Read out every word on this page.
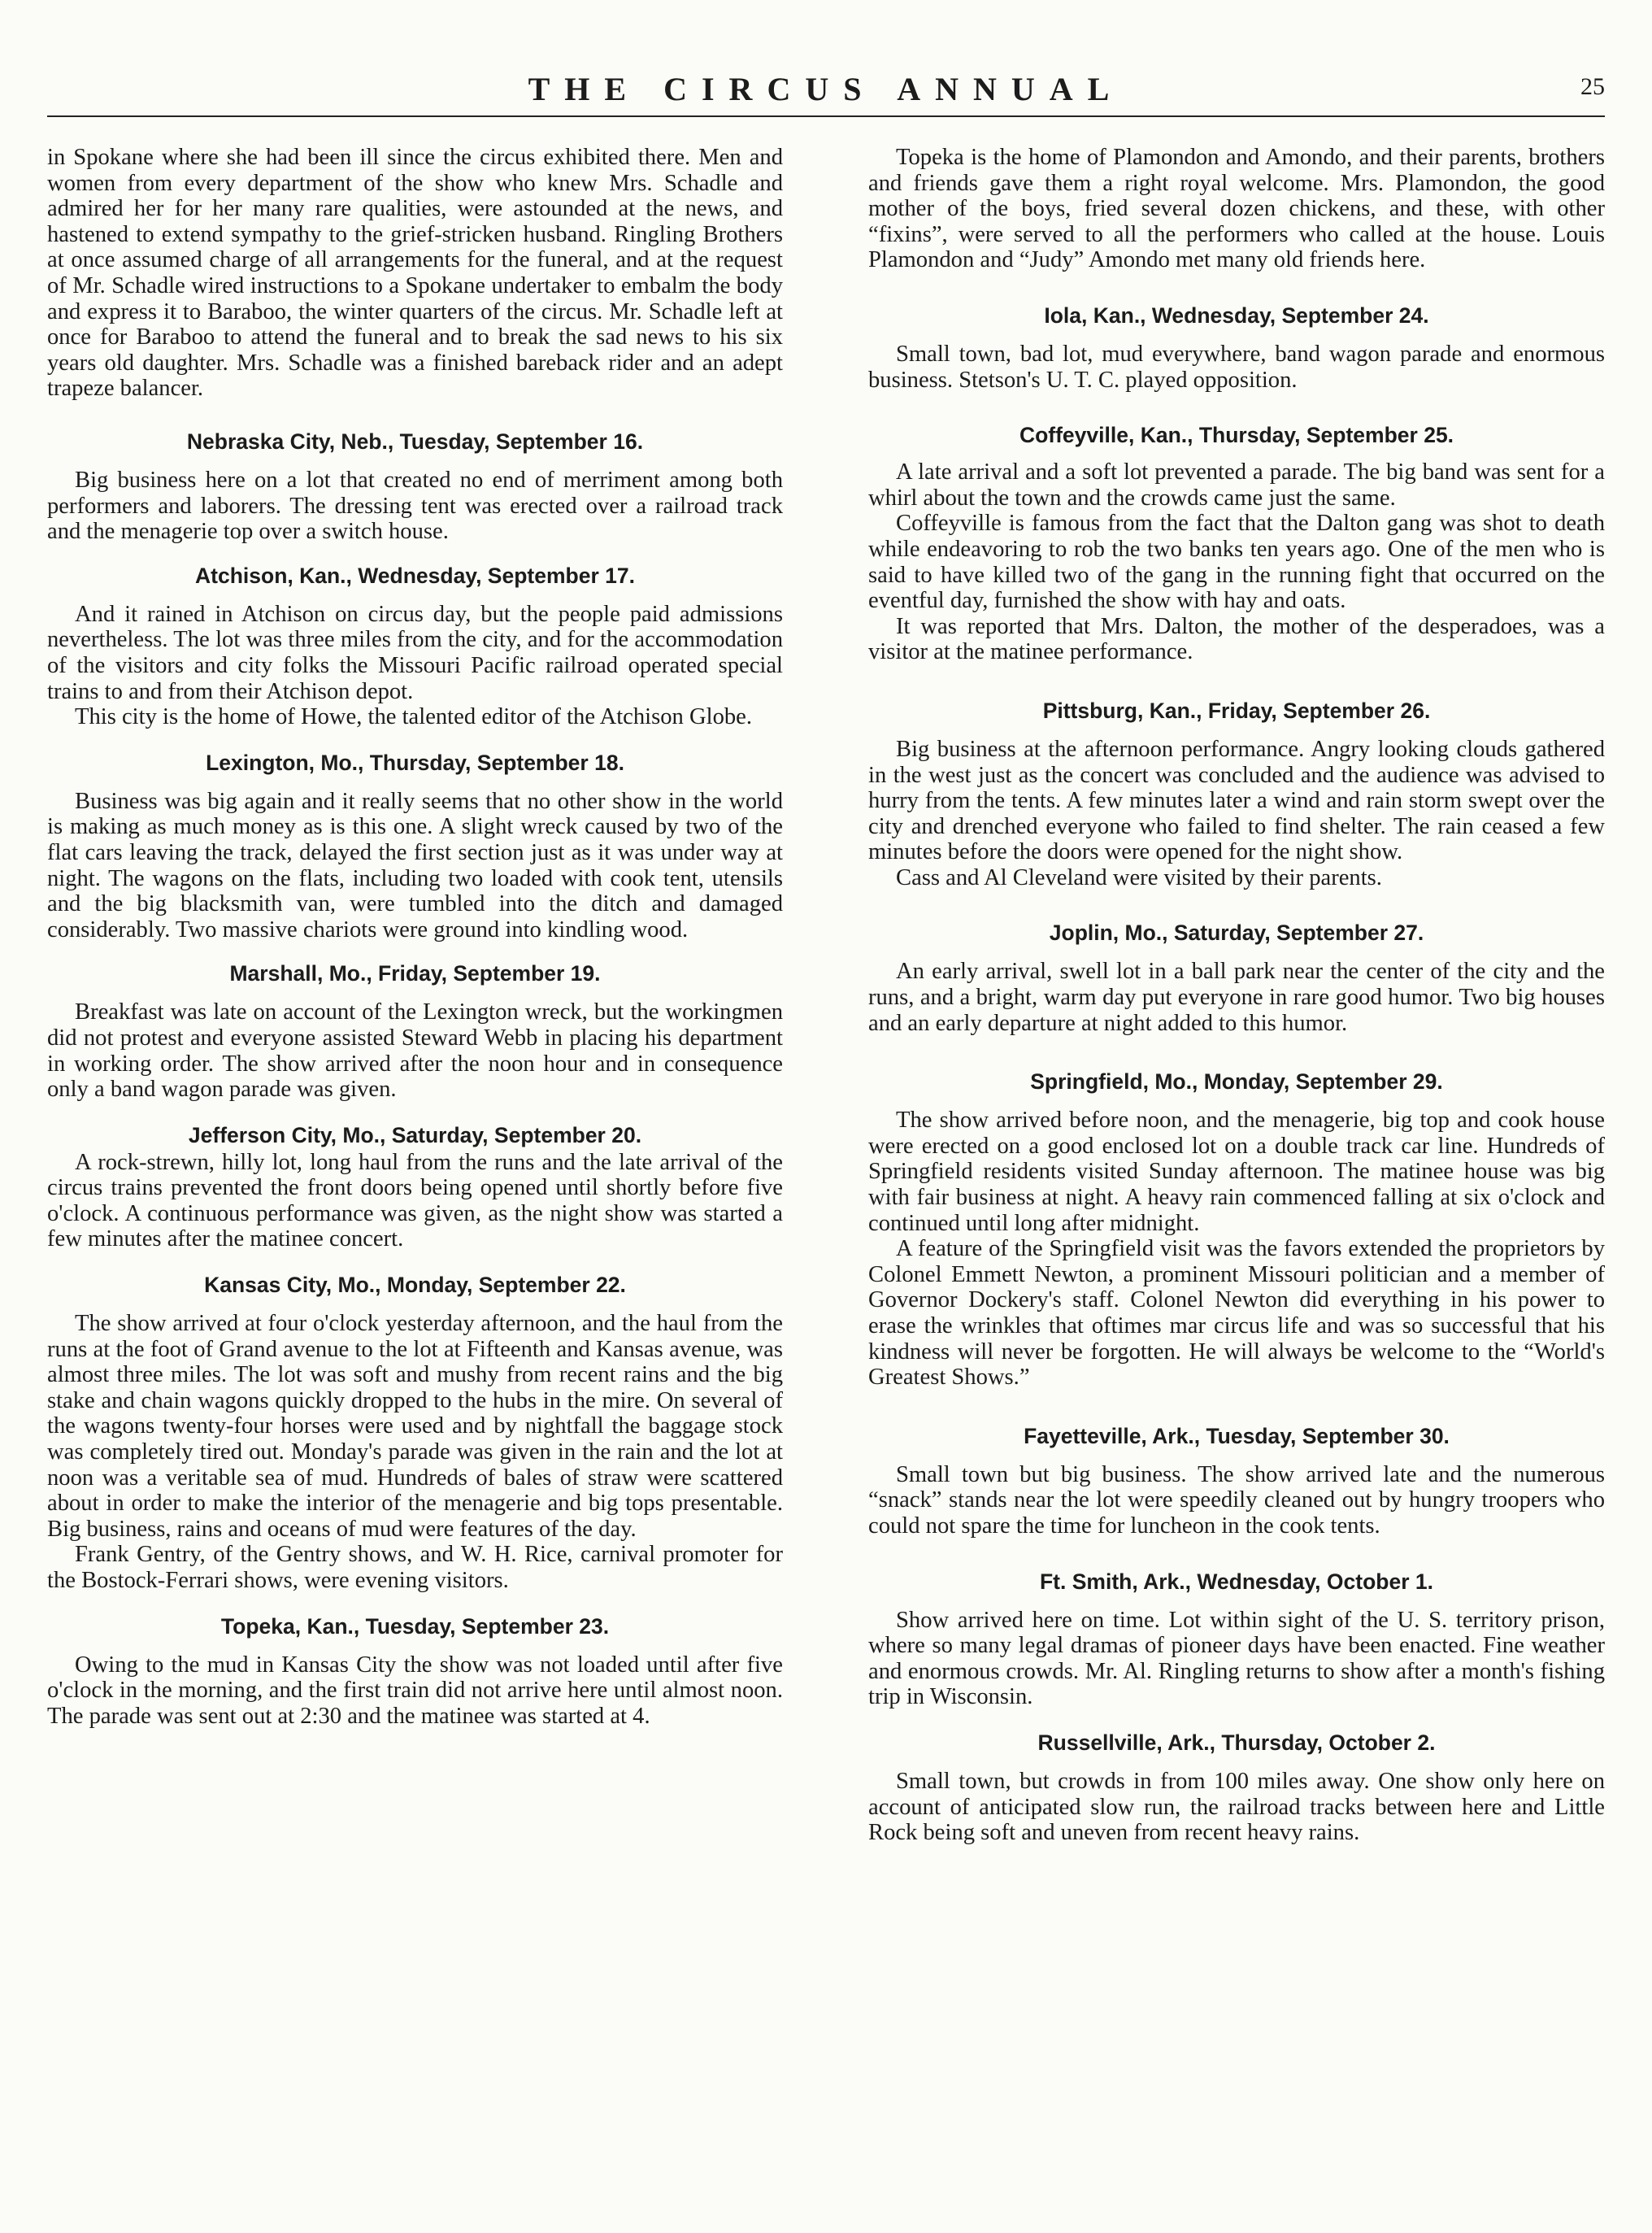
THE CIRCUS ANNUAL	25

in Spokane where she had been ill since the circus exhibited there. Men and women from every department of the show who knew Mrs. Schadle and admired her for her many rare qualities, were astounded at the news, and hastened to extend sympathy to the grief-stricken husband. Ringling Brothers at once assumed charge of all arrangements for the funeral, and at the request of Mr. Schadle wired instructions to a Spokane undertaker to embalm the body and express it to Baraboo, the winter quarters of the circus. Mr. Schadle left at once for Baraboo to attend the funeral and to break the sad news to his six years old daughter. Mrs. Schadle was a finished bareback rider and an adept trapeze balancer.

Nebraska City, Neb., Tuesday, September 16.

Big business here on a lot that created no end of merriment among both performers and laborers. The dressing tent was erected over a railroad track and the menagerie top over a switch house.

Atchison, Kan., Wednesday, September 17.

And it rained in Atchison on circus day, but the people paid admissions nevertheless. The lot was three miles from the city, and for the accommodation of the visitors and city folks the Missouri Pacific railroad operated special trains to and from their Atchison depot.

This city is the home of Howe, the talented editor of the Atchison Globe.

Lexington, Mo., Thursday, September 18.

Business was big again and it really seems that no other show in the world is making as much money as is this one. A slight wreck caused by two of the flat cars leaving the track, delayed the first section just as it was under way at night. The wagons on the flats, including two loaded with cook tent, utensils and the big blacksmith van, were tumbled into the ditch and damaged considerably. Two massive chariots were ground into kindling wood.

Marshall, Mo., Friday, September 19.

Breakfast was late on account of the Lexington wreck, but the workingmen did not protest and everyone assisted Steward Webb in placing his department in working order. The show arrived after the noon hour and in consequence only a band wagon parade was given.

Jefferson City, Mo., Saturday, September 20.

A rock-strewn, hilly lot, long haul from the runs and the late arrival of the circus trains prevented the front doors being opened until shortly before five o'clock. A continuous performance was given, as the night show was started a few minutes after the matinee concert.

Kansas City, Mo., Monday, September 22.

The show arrived at four o'clock yesterday afternoon, and the haul from the runs at the foot of Grand avenue to the lot at Fifteenth and Kansas avenue, was almost three miles. The lot was soft and mushy from recent rains and the big stake and chain wagons quickly dropped to the hubs in the mire. On several of the wagons twenty-four horses were used and by nightfall the baggage stock was completely tired out. Monday's parade was given in the rain and the lot at noon was a veritable sea of mud. Hundreds of bales of straw were scattered about in order to make the interior of the menagerie and big tops presentable. Big business, rains and oceans of mud were features of the day.

Frank Gentry, of the Gentry shows, and W. H. Rice, carnival promoter for the Bostock-Ferrari shows, were evening visitors.

Topeka, Kan., Tuesday, September 23.

Owing to the mud in Kansas City the show was not loaded until after five o'clock in the morning, and the first train did not arrive here until almost noon. The parade was sent out at 2:30 and the matinee was started at 4.

Topeka is the home of Plamondon and Amondo, and their parents, brothers and friends gave them a right royal welcome. Mrs. Plamondon, the good mother of the boys, fried several dozen chickens, and these, with other “fixins”, were served to all the performers who called at the house. Louis Plamondon and “Judy” Amondo met many old friends here.

Iola, Kan., Wednesday, September 24.

Small town, bad lot, mud everywhere, band wagon parade and enormous business. Stetson's U. T. C. played opposition.

Coffeyville, Kan., Thursday, September 25.

A late arrival and a soft lot prevented a parade. The big band was sent for a whirl about the town and the crowds came just the same.

Coffeyville is famous from the fact that the Dalton gang was shot to death while endeavoring to rob the two banks ten years ago. One of the men who is said to have killed two of the gang in the running fight that occurred on the eventful day, furnished the show with hay and oats.

It was reported that Mrs. Dalton, the mother of the desperadoes, was a visitor at the matinee performance.

Pittsburg, Kan., Friday, September 26.

Big business at the afternoon performance. Angry looking clouds gathered in the west just as the concert was concluded and the audience was advised to hurry from the tents. A few minutes later a wind and rain storm swept over the city and drenched everyone who failed to find shelter. The rain ceased a few minutes before the doors were opened for the night show.

Cass and Al Cleveland were visited by their parents.

Joplin, Mo., Saturday, September 27.

An early arrival, swell lot in a ball park near the center of the city and the runs, and a bright, warm day put everyone in rare good humor. Two big houses and an early departure at night added to this humor.

Springfield, Mo., Monday, September 29.

The show arrived before noon, and the menagerie, big top and cook house were erected on a good enclosed lot on a double track car line. Hundreds of Springfield residents visited Sunday afternoon. The matinee house was big with fair business at night. A heavy rain commenced falling at six o'clock and continued until long after midnight.

A feature of the Springfield visit was the favors extended the proprietors by Colonel Emmett Newton, a prominent Missouri politician and a member of Governor Dockery's staff. Colonel Newton did everything in his power to erase the wrinkles that oftimes mar circus life and was so successful that his kindness will never be forgotten. He will always be welcome to the “World's Greatest Shows.”

Fayetteville, Ark., Tuesday, September 30.

Small town but big business. The show arrived late and the numerous “snack” stands near the lot were speedily cleaned out by hungry troopers who could not spare the time for luncheon in the cook tents.

Ft. Smith, Ark., Wednesday, October 1.

Show arrived here on time. Lot within sight of the U. S. territory prison, where so many legal dramas of pioneer days have been enacted. Fine weather and enormous crowds. Mr. Al. Ringling returns to show after a month's fishing trip in Wisconsin.

Russellville, Ark., Thursday, October 2.

Small town, but crowds in from 100 miles away. One show only here on account of anticipated slow run, the railroad tracks between here and Little Rock being soft and uneven from recent heavy rains.
